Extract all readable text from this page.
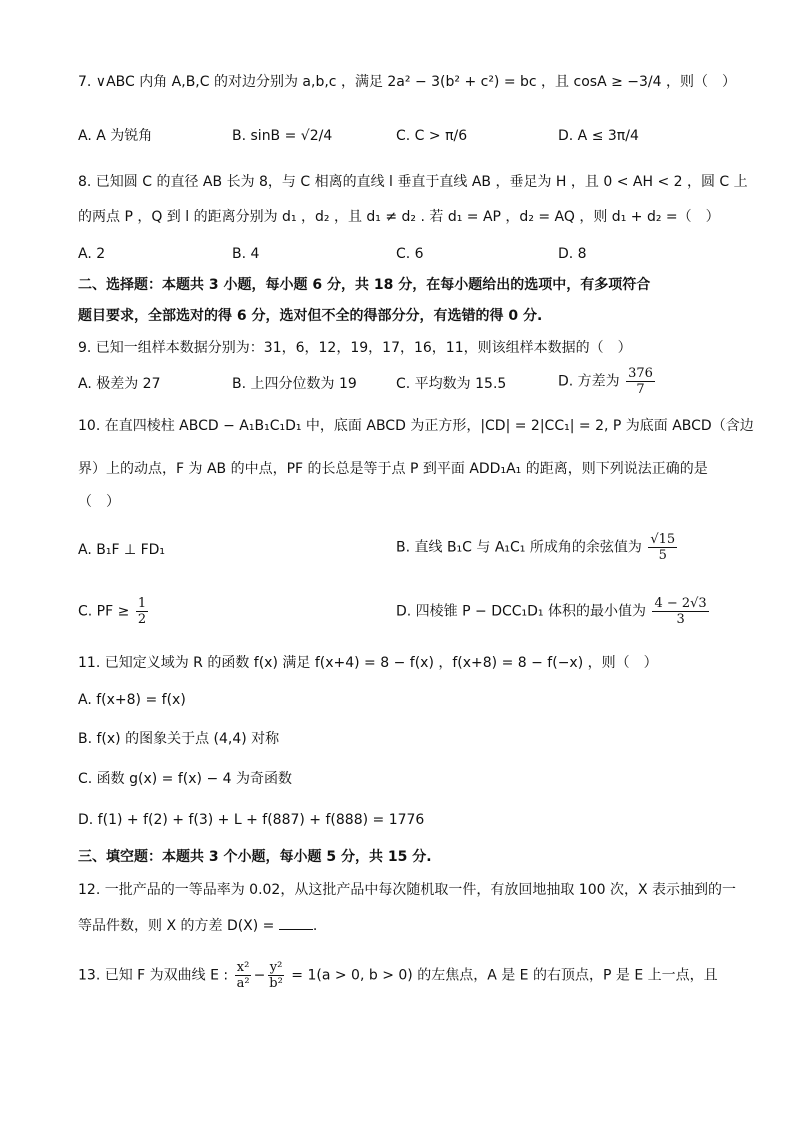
7. ∨ABC 内角 A,B,C 的对边分别为 a,b,c ，满足 2a² − 3(b² + c²) = bc ，且 cosA ≥ −3/4 ，则（　）
A. A 为锐角	B. sinB = √2/4	C. C > π/6	D. A ≤ 3π/4
8. 已知圆 C 的直径 AB 长为 8，与 C 相离的直线 l 垂直于直线 AB ，垂足为 H ，且 0 < AH < 2 ，圆 C 上
的两点 P ，Q 到 l 的距离分别为 d₁ ，d₂ ，且 d₁ ≠ d₂ . 若 d₁ = AP ，d₂ = AQ ，则 d₁ + d₂ =（　）
A. 2	B. 4	C. 6	D. 8
二、选择题：本题共 3 小题，每小题 6 分，共 18 分，在每小题给出的选项中，有多项符合
题目要求，全部选对的得 6 分，选对但不全的得部分分，有选错的得 0 分.
9. 已知一组样本数据分别为：31，6，12，19，17，16，11，则该组样本数据的（　）
A. 极差为 27	B. 上四分位数为 19	C. 平均数为 15.5	D. 方差为 $\frac{376}{7}$
10. 在直四棱柱 ABCD − A₁B₁C₁D₁ 中，底面 ABCD 为正方形，|CD| = 2|CC₁| = 2, P 为底面 ABCD（含边
界）上的动点，F 为 AB 的中点，PF 的长总是等于点 P 到平面 ADD₁A₁ 的距离，则下列说法正确的是
（　）
A. B₁F ⊥ FD₁	B. 直线 B₁C 与 A₁C₁ 所成角的余弦值为 $\frac{√15}{5}$
C. PF ≥ $\frac{1}{2}$	D. 四棱锥 P − DCC₁D₁ 体积的最小值为 $\frac{4 - 2√3}{3}$
11. 已知定义域为 R 的函数 f(x) 满足 f(x+4) = 8 − f(x) ，f(x+8) = 8 − f(−x) ，则（　）
A. f(x+8) = f(x)
B. f(x) 的图象关于点 (4,4) 对称
C. 函数 g(x) = f(x) − 4 为奇函数
D. f(1) + f(2) + f(3) + L + f(887) + f(888) = 1776
三、填空题：本题共 3 个小题，每小题 5 分，共 15 分.
12. 一批产品的一等品率为 0.02，从这批产品中每次随机取一件，有放回地抽取 100 次，X 表示抽到的一
等品件数，则 X 的方差 D(X) =	.
13. 已知 F 为双曲线 E : $\frac{\text{x²}}{\text{a²}} - \frac{\text{y²}}{\text{b²}} = 1(a > 0$, b > 0) 的左焦点，A 是 E 的右顶点，P 是 E 上一点，且
